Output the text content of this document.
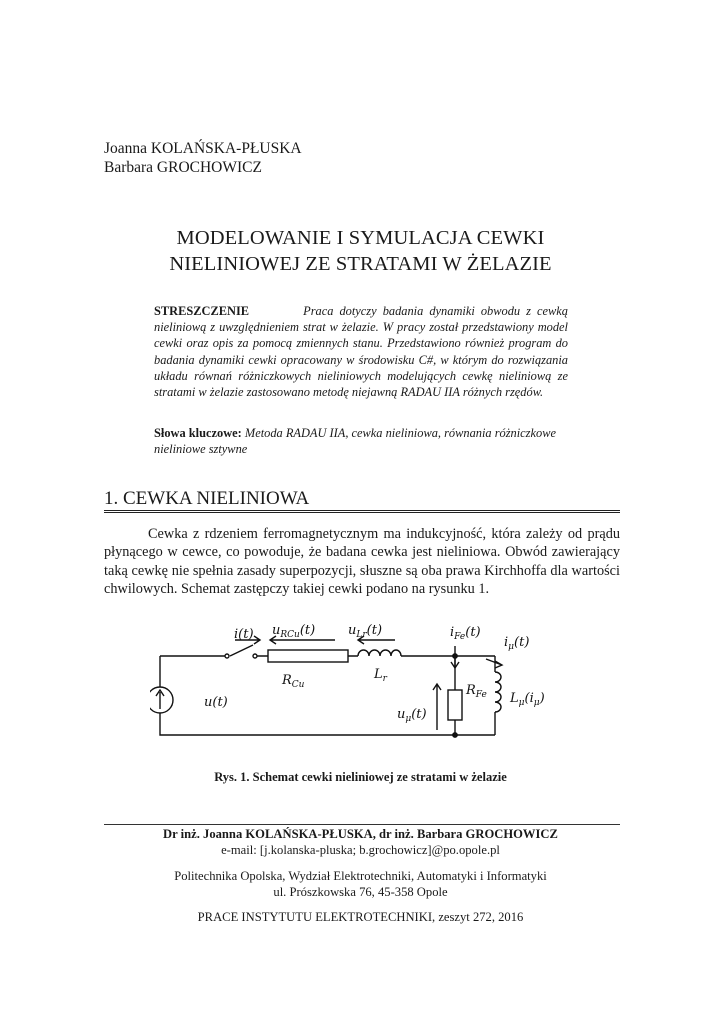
Joanna KOLAŃSKA-PŁUSKA
Barbara GROCHOWICZ
MODELOWANIE I SYMULACJA CEWKI
NIELINIOWEJ ZE STRATAMI W ŻELAZIE
STRESZCZENIE	Praca dotyczy badania dynamiki obwodu z cewką nieliniową z uwzględnieniem strat w żelazie. W pracy został przedstawiony model cewki oraz opis za pomocą zmiennych stanu. Przedstawiono również program do badania dynamiki cewki opracowany w środowisku C#, w którym do rozwiązania układu równań różniczkowych nieliniowych modelujących cewkę nieliniową ze stratami w żelazie zastosowano metodę niejawną RADAU IIA różnych rzędów.
Słowa kluczowe: Metoda RADAU IIA, cewka nieliniowa, równania różniczkowe nieliniowe sztywne
1. CEWKA NIELINIOWA
Cewka z rdzeniem ferromagnetycznym ma indukcyjność, która zależy od prądu płynącego w cewce, co powoduje, że badana cewka jest nieliniowa. Obwód zawierający taką cewkę nie spełnia zasady superpozycji, słuszne są oba prawa Kirchhoffa dla wartości chwilowych. Schemat zastępczy takiej cewki podano na rysunku 1.
i(t) $u_{RCu}(t)$	$u_{Lr}(t)$	$i_{Fe}(t)$
$i_\mu(t)$
u(t)
$R_{Cu}$
$L_r$
$R_{Fe}$ $L_\mu(i_\mu)$
$u_\mu(t)$
Rys. 1. Schemat cewki nieliniowej ze stratami w żelazie
Dr inż. Joanna KOLAŃSKA-PŁUSKA, dr inż. Barbara GROCHOWICZ
e-mail: [j.kolanska-pluska; b.grochowicz]@po.opole.pl
Politechnika Opolska, Wydział Elektrotechniki, Automatyki i Informatyki
ul. Prószkowska 76, 45-358 Opole
PRACE INSTYTUTU ELEKTROTECHNIKI, zeszyt 272, 2016
